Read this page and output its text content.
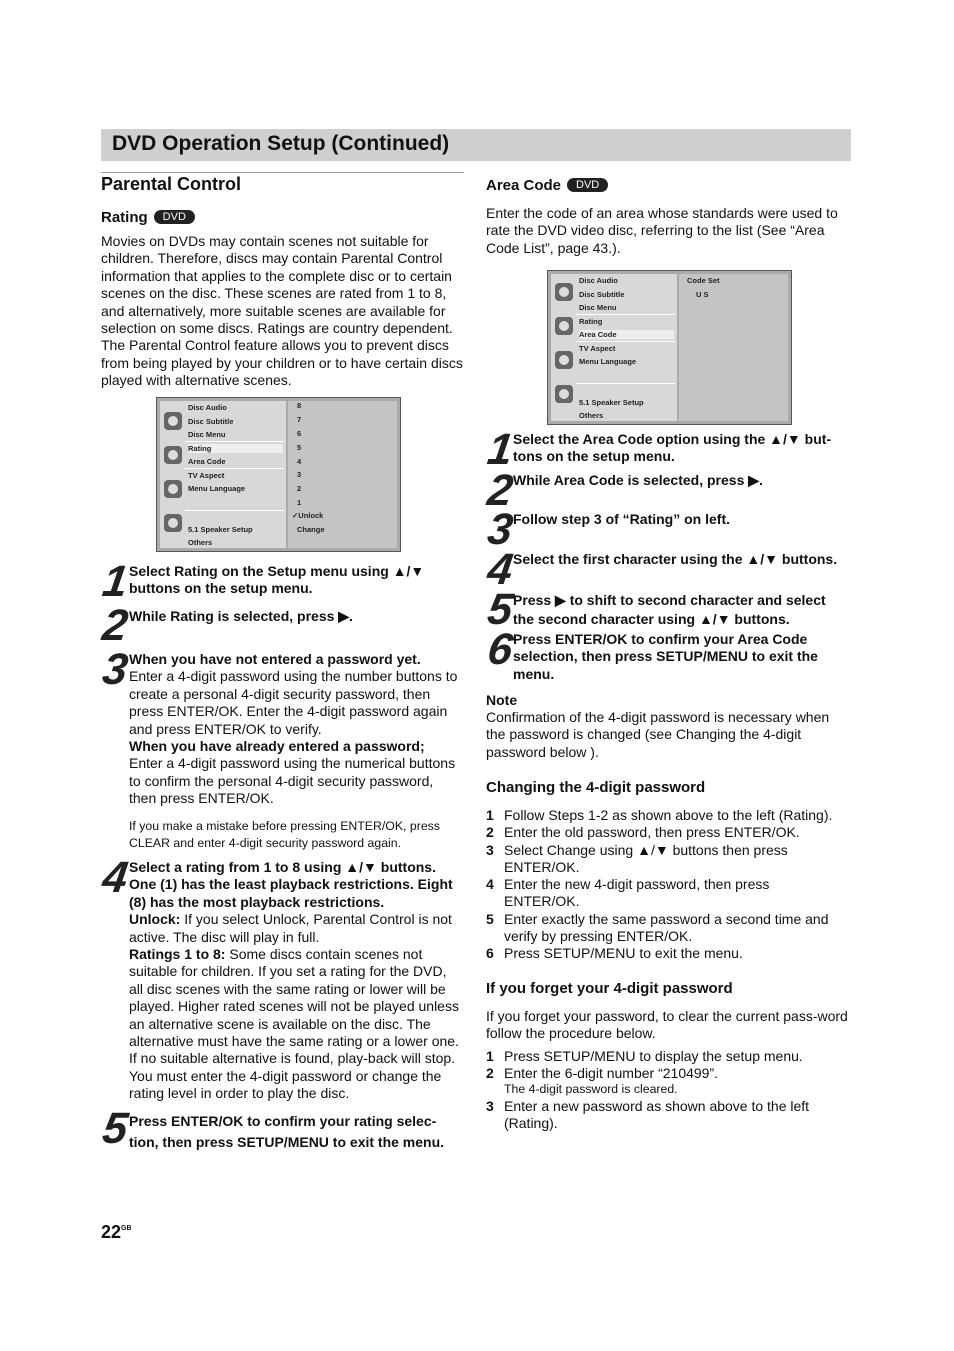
DVD Operation Setup (Continued)
Parental Control
Rating DVD
Movies on DVDs may contain scenes not suitable for children. Therefore, discs may contain Parental Control information that applies to the complete disc or to certain scenes on the disc. These scenes are rated from 1 to 8, and alternatively, more suitable scenes are available for selection on some discs. Ratings are country dependent. The Parental Control feature allows you to prevent discs from being played by your children or to have certain discs played with alternative scenes.
Disc Audio
Disc Subtitle
Disc Menu
Rating
Area Code
TV Aspect
Menu Language
5.1 Speaker Setup
Others
8
7
6
5
4
3
2
1
✓Unlock
Change
1
Select Rating on the Setup menu using ▲/▼ buttons on the setup menu.
2
While Rating is selected, press ▶.
3
When you have not entered a password yet.
Enter a 4-digit password using the number buttons to create a personal 4-digit security password, then press ENTER/OK. Enter the 4-digit password again and press ENTER/OK to verify.
When you have already entered a password;
Enter a 4-digit password using the numerical buttons to confirm the personal 4-digit security password, then press ENTER/OK.
If you make a mistake before pressing ENTER/OK, press CLEAR and enter 4-digit security password again.
4
Select a rating from 1 to 8 using ▲/▼ buttons. One (1) has the least playback restrictions. Eight (8) has the most playback restrictions.
Unlock: If you select Unlock, Parental Control is not active. The disc will play in full.
Ratings 1 to 8: Some discs contain scenes not suitable for children. If you set a rating for the DVD, all disc scenes with the same rating or lower will be played. Higher rated scenes will not be played unless an alternative scene is available on the disc. The alternative must have the same rating or a lower one. If no suitable alternative is found, play-back will stop. You must enter the 4-digit password or change the rating level in order to play the disc.
5
Press ENTER/OK to confirm your rating selec-tion, then press SETUP/MENU to exit the menu.
Area Code DVD
Enter the code of an area whose standards were used to rate the DVD video disc, referring to the list (See “Area Code List”, page 43.).
Disc Audio
Disc Subtitle
Disc Menu
Rating
Area Code
TV Aspect
Menu Language
5.1 Speaker Setup
Others
Code Set
U S
1
Select the Area Code option using the ▲/▼ but-tons on the setup menu.
2
While Area Code is selected, press ▶.
3
Follow step 3 of “Rating” on left.
4
Select the first character using the ▲/▼ buttons.
5
Press ▶ to shift to second character and select the second character using ▲/▼ buttons.
6
Press ENTER/OK to confirm your Area Code selection, then press SETUP/MENU to exit the menu.
Note
Confirmation of the 4-digit password is necessary when the password is changed (see Changing the 4-digit password below ).
Changing the 4-digit password
1 Follow Steps 1-2 as shown above to the left (Rating).
2 Enter the old password, then press ENTER/OK.
3 Select Change using ▲/▼ buttons then press ENTER/OK.
4 Enter the new 4-digit password, then press ENTER/OK.
5 Enter exactly the same password a second time and verify by pressing ENTER/OK.
6 Press SETUP/MENU to exit the menu.
If you forget your 4-digit password
If you forget your password, to clear the current pass-word follow the procedure below.
1 Press SETUP/MENU to display the setup menu.
2 Enter the 6-digit number “210499”.
The 4-digit password is cleared.
3 Enter a new password as shown above to the left (Rating).
$22^{GB}$
